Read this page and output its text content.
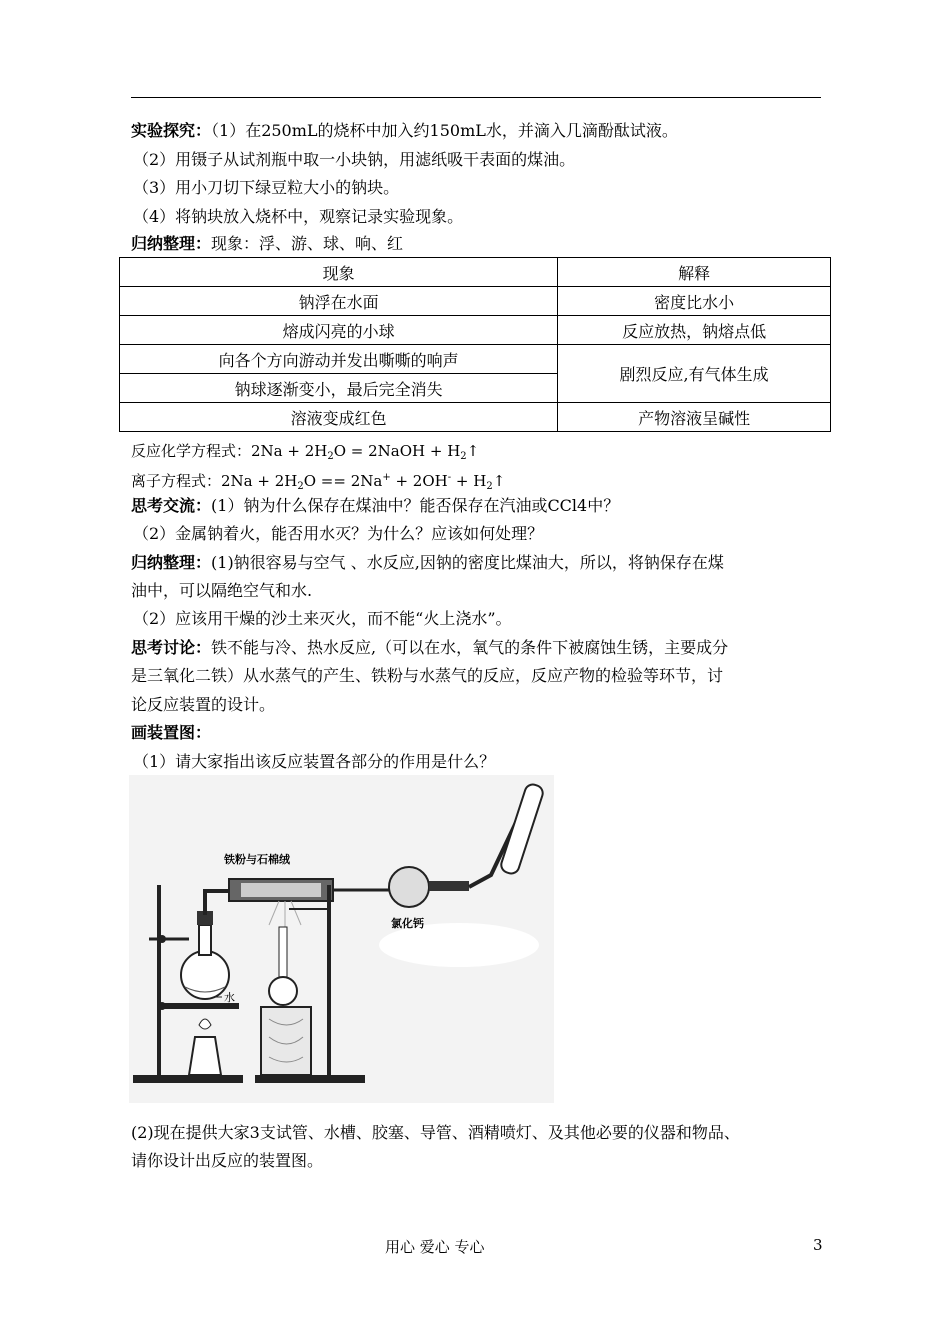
实验探究：（1）在250mL的烧杯中加入约150mL水，并滴入几滴酚酞试液。
（2）用镊子从试剂瓶中取一小块钠，用滤纸吸干表面的煤油。
（3）用小刀切下绿豆粒大小的钠块。
（4）将钠块放入烧杯中，观察记录实验现象。
归纳整理：现象：浮、游、球、响、红
现象	解释
钠浮在水面	密度比水小
熔成闪亮的小球	反应放热，钠熔点低
向各个方向游动并发出嘶嘶的响声	剧烈反应,有气体生成
钠球逐渐变小，最后完全消失	
溶液变成红色	产物溶液呈碱性
反应化学方程式：$2Na + 2H_2O$ = 2NaOH + $H_2↑$
离子方程式：$2Na + 2H_2O == 2Na^+ + 2OH^-$ + $H_2↑$
思考交流：(1）钠为什么保存在煤油中？能否保存在汽油或CCl4中？
（2）金属钠着火，能否用水灭？为什么？应该如何处理？
归纳整理：(1)钠很容易与空气 、水反应,因钠的密度比煤油大，所以，将钠保存在煤
油中，可以隔绝空气和水.
（2）应该用干燥的沙土来灭火，而不能“火上浇水”。
思考讨论：铁不能与冷、热水反应,（可以在水，氧气的条件下被腐蚀生锈，主要成分
是三氧化二铁）从水蒸气的产生、铁粉与水蒸气的反应，反应产物的检验等环节，讨
论反应装置的设计。
画装置图：
（1）请大家指出该反应装置各部分的作用是什么？
水
铁粉与石棉绒
氯化钙
(2)现在提供大家3支试管、水槽、胶塞、导管、酒精喷灯、及其他必要的仪器和物品、
请你设计出反应的装置图。
用心 爱心 专心	3
